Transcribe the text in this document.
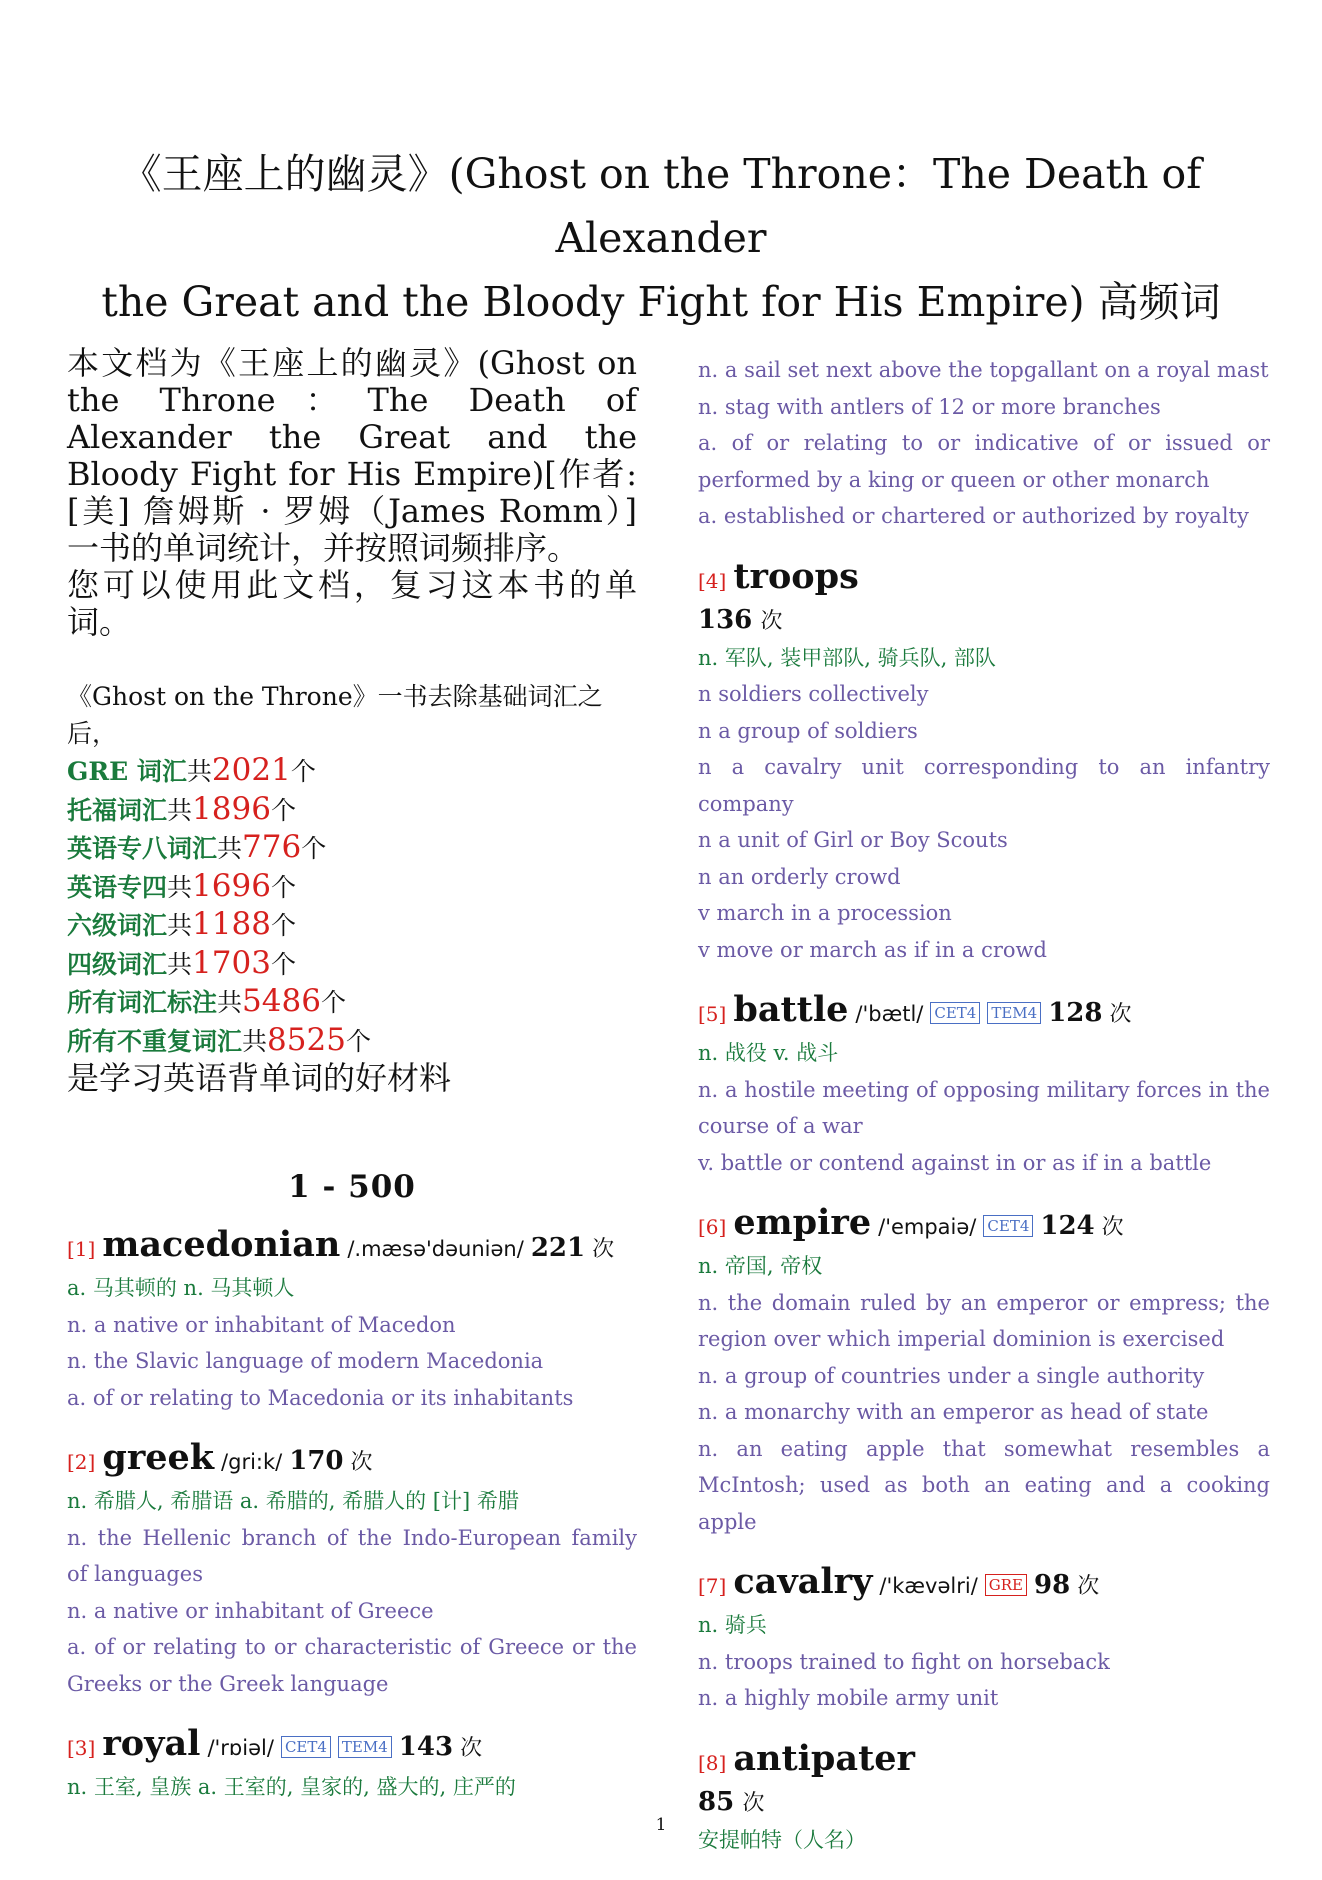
《王座上的幽灵》(Ghost on the Throne：The Death of Alexander
the Great and the Bloody Fight for His Empire) 高频词

本文档为《王座上的幽灵》(Ghost on the Throne：The Death of Alexander the Great and the Bloody Fight for His Empire)[作者: [美] 詹姆斯 · 罗姆（James Romm）] 一书的单词统计，并按照词频排序。

您可以使用此文档，复习这本书的单词。

《Ghost on the Throne》一书去除基础词汇之后，
GRE 词汇共2021个
托福词汇共1896个
英语专八词汇共776个
英语专四共1696个
六级词汇共1188个
四级词汇共1703个
所有词汇标注共5486个
所有不重复词汇共8525个
是学习英语背单词的好材料
1 - 500
[1] macedonian /.mæsə'dəuniən/ 221 次
a. 马其顿的 n. 马其顿人
n. a native or inhabitant of Macedon
n. the Slavic language of modern Macedonia
a. of or relating to Macedonia or its inhabitants
[2] greek /gri:k/ 170 次
n. 希腊人, 希腊语 a. 希腊的, 希腊人的 [计] 希腊
n. the Hellenic branch of the Indo-European family of languages
n. a native or inhabitant of Greece
a. of or relating to or characteristic of Greece or the Greeks or the Greek language
[3] royal /'rɒiəl/ CET4 TEM4 143 次
n. 王室, 皇族 a. 王室的, 皇家的, 盛大的, 庄严的
n. a sail set next above the topgallant on a royal mast
n. stag with antlers of 12 or more branches
a. of or relating to or indicative of or issued or performed by a king or queen or other monarch
a. established or chartered or authorized by royalty
[4] troops
136 次
n. 军队, 装甲部队, 骑兵队, 部队
n soldiers collectively
n a group of soldiers
n a cavalry unit corresponding to an infantry company
n a unit of Girl or Boy Scouts
n an orderly crowd
v march in a procession
v move or march as if in a crowd
[5] battle /'bætl/ CET4 TEM4 128 次
n. 战役 v. 战斗
n. a hostile meeting of opposing military forces in the course of a war
v. battle or contend against in or as if in a battle
[6] empire /'empaiə/ CET4 124 次
n. 帝国, 帝权
n. the domain ruled by an emperor or empress; the region over which imperial dominion is exercised
n. a group of countries under a single authority
n. a monarchy with an emperor as head of state
n. an eating apple that somewhat resembles a McIntosh; used as both an eating and a cooking apple
[7] cavalry /'kævəlri/ GRE 98 次
n. 骑兵
n. troops trained to fight on horseback
n. a highly mobile army unit
[8] antipater
85 次
安提帕特（人名）
1
